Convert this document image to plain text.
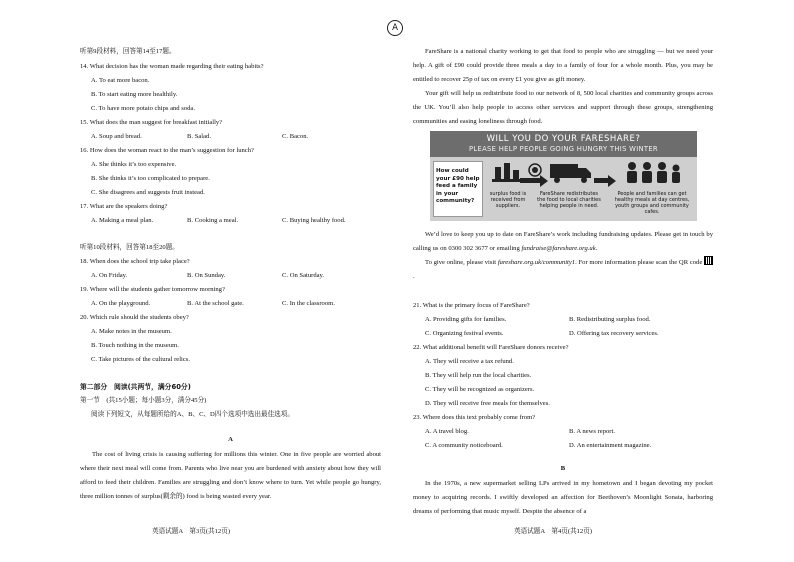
A
听第9段材料，回答第14至17题。
14. What decision has the woman made regarding their eating habits?
A. To eat more bacon.
B. To start eating more healthily.
C. To have more potato chips and soda.
15. What does the man suggest for breakfast initially?
A. Soup and bread.	B. Salad.	C. Bacon.
16. How does the woman react to the man’s suggestion for lunch?
A. She thinks it’s too expensive.
B. She thinks it’s too complicated to prepare.
C. She disagrees and suggests fruit instead.
17. What are the speakers doing?
A. Making a meal plan.	B. Cooking a meal.	C. Buying healthy food.
听第10段材料，回答第18至20题。
18. When does the school trip take place?
A. On Friday.	B. On Sunday.	C. On Saturday.
19. Where will the students gather tomorrow morning?
A. On the playground.	B. At the school gate.	C. In the classroom.
20. Which rule should the students obey?
A. Make notes in the museum.
B. Touch nothing in the museum.
C. Take pictures of the cultural relics.
第二部分　阅读(共两节，满分60分)
第一节　(共15小题；每小题3分，满分45分)
阅读下列短文，从每题所给的A、B、C、D四个选项中选出最佳选项。
A

The cost of living crisis is causing suffering for millions this winter. One in five people are worried about where their next meal will come from. Parents who live near you are burdened with anxiety about how they will afford to feed their children. Families are struggling and don’t know where to turn. Yet while people go hungry, three million tonnes of surplus(剩余的) food is being wasted every year.

英语试题A　第3页(共12页)

FareShare is a national charity working to get that food to people who are struggling — but we need your help. A gift of £90 could provide three meals a day to a family of four for a whole month. Plus, you may be entitled to recover 25p of tax on every £1 you give as gift money.

Your gift will help us redistribute food to our network of 8, 500 local charities and community groups across the UK. You’ll also help people to access other services and support through these groups, strengthening communities and easing loneliness through food.

WILL YOU DO YOUR FARESHARE?
PLEASE HELP PEOPLE GOING HUNGRY THIS WINTER
How could your £90 help feed a family in your community?
surplus food is received from suppliers.
FareShare redistributes the food to local charities helping people in need.
People and families can get healthy meals at day centres, youth groups and community cafes.

We’d love to keep you up to date on FareShare’s work including fundraising updates. Please get in touch by calling us on 0300 302 3677 or emailing fundraise@fareshare.org.uk.

To give online, please visit fareshare.org.uk/community1. For more information please scan the QR code .

21. What is the primary focus of FareShare?
A. Providing gifts for families.	B. Redistributing surplus food.
C. Organizing festival events.	D. Offering tax recovery services.
22. What additional benefit will FareShare donors receive?
A. They will receive a tax refund.
B. They will help run the local charities.
C. They will be recognized as organizers.
D. They will receive free meals for themselves.
23. Where does this text probably come from?
A. A travel blog.	B. A news report.
C. A community noticeboard.	D. An entertainment magazine.
B

In the 1970s, a new supermarket selling LPs arrived in my hometown and I began devoting my pocket money to acquiring records. I swiftly developed an affection for Beethoven’s Moonlight Sonata, harboring dreams of performing that music myself. Despite the absence of a

英语试题A　第4页(共12页)
